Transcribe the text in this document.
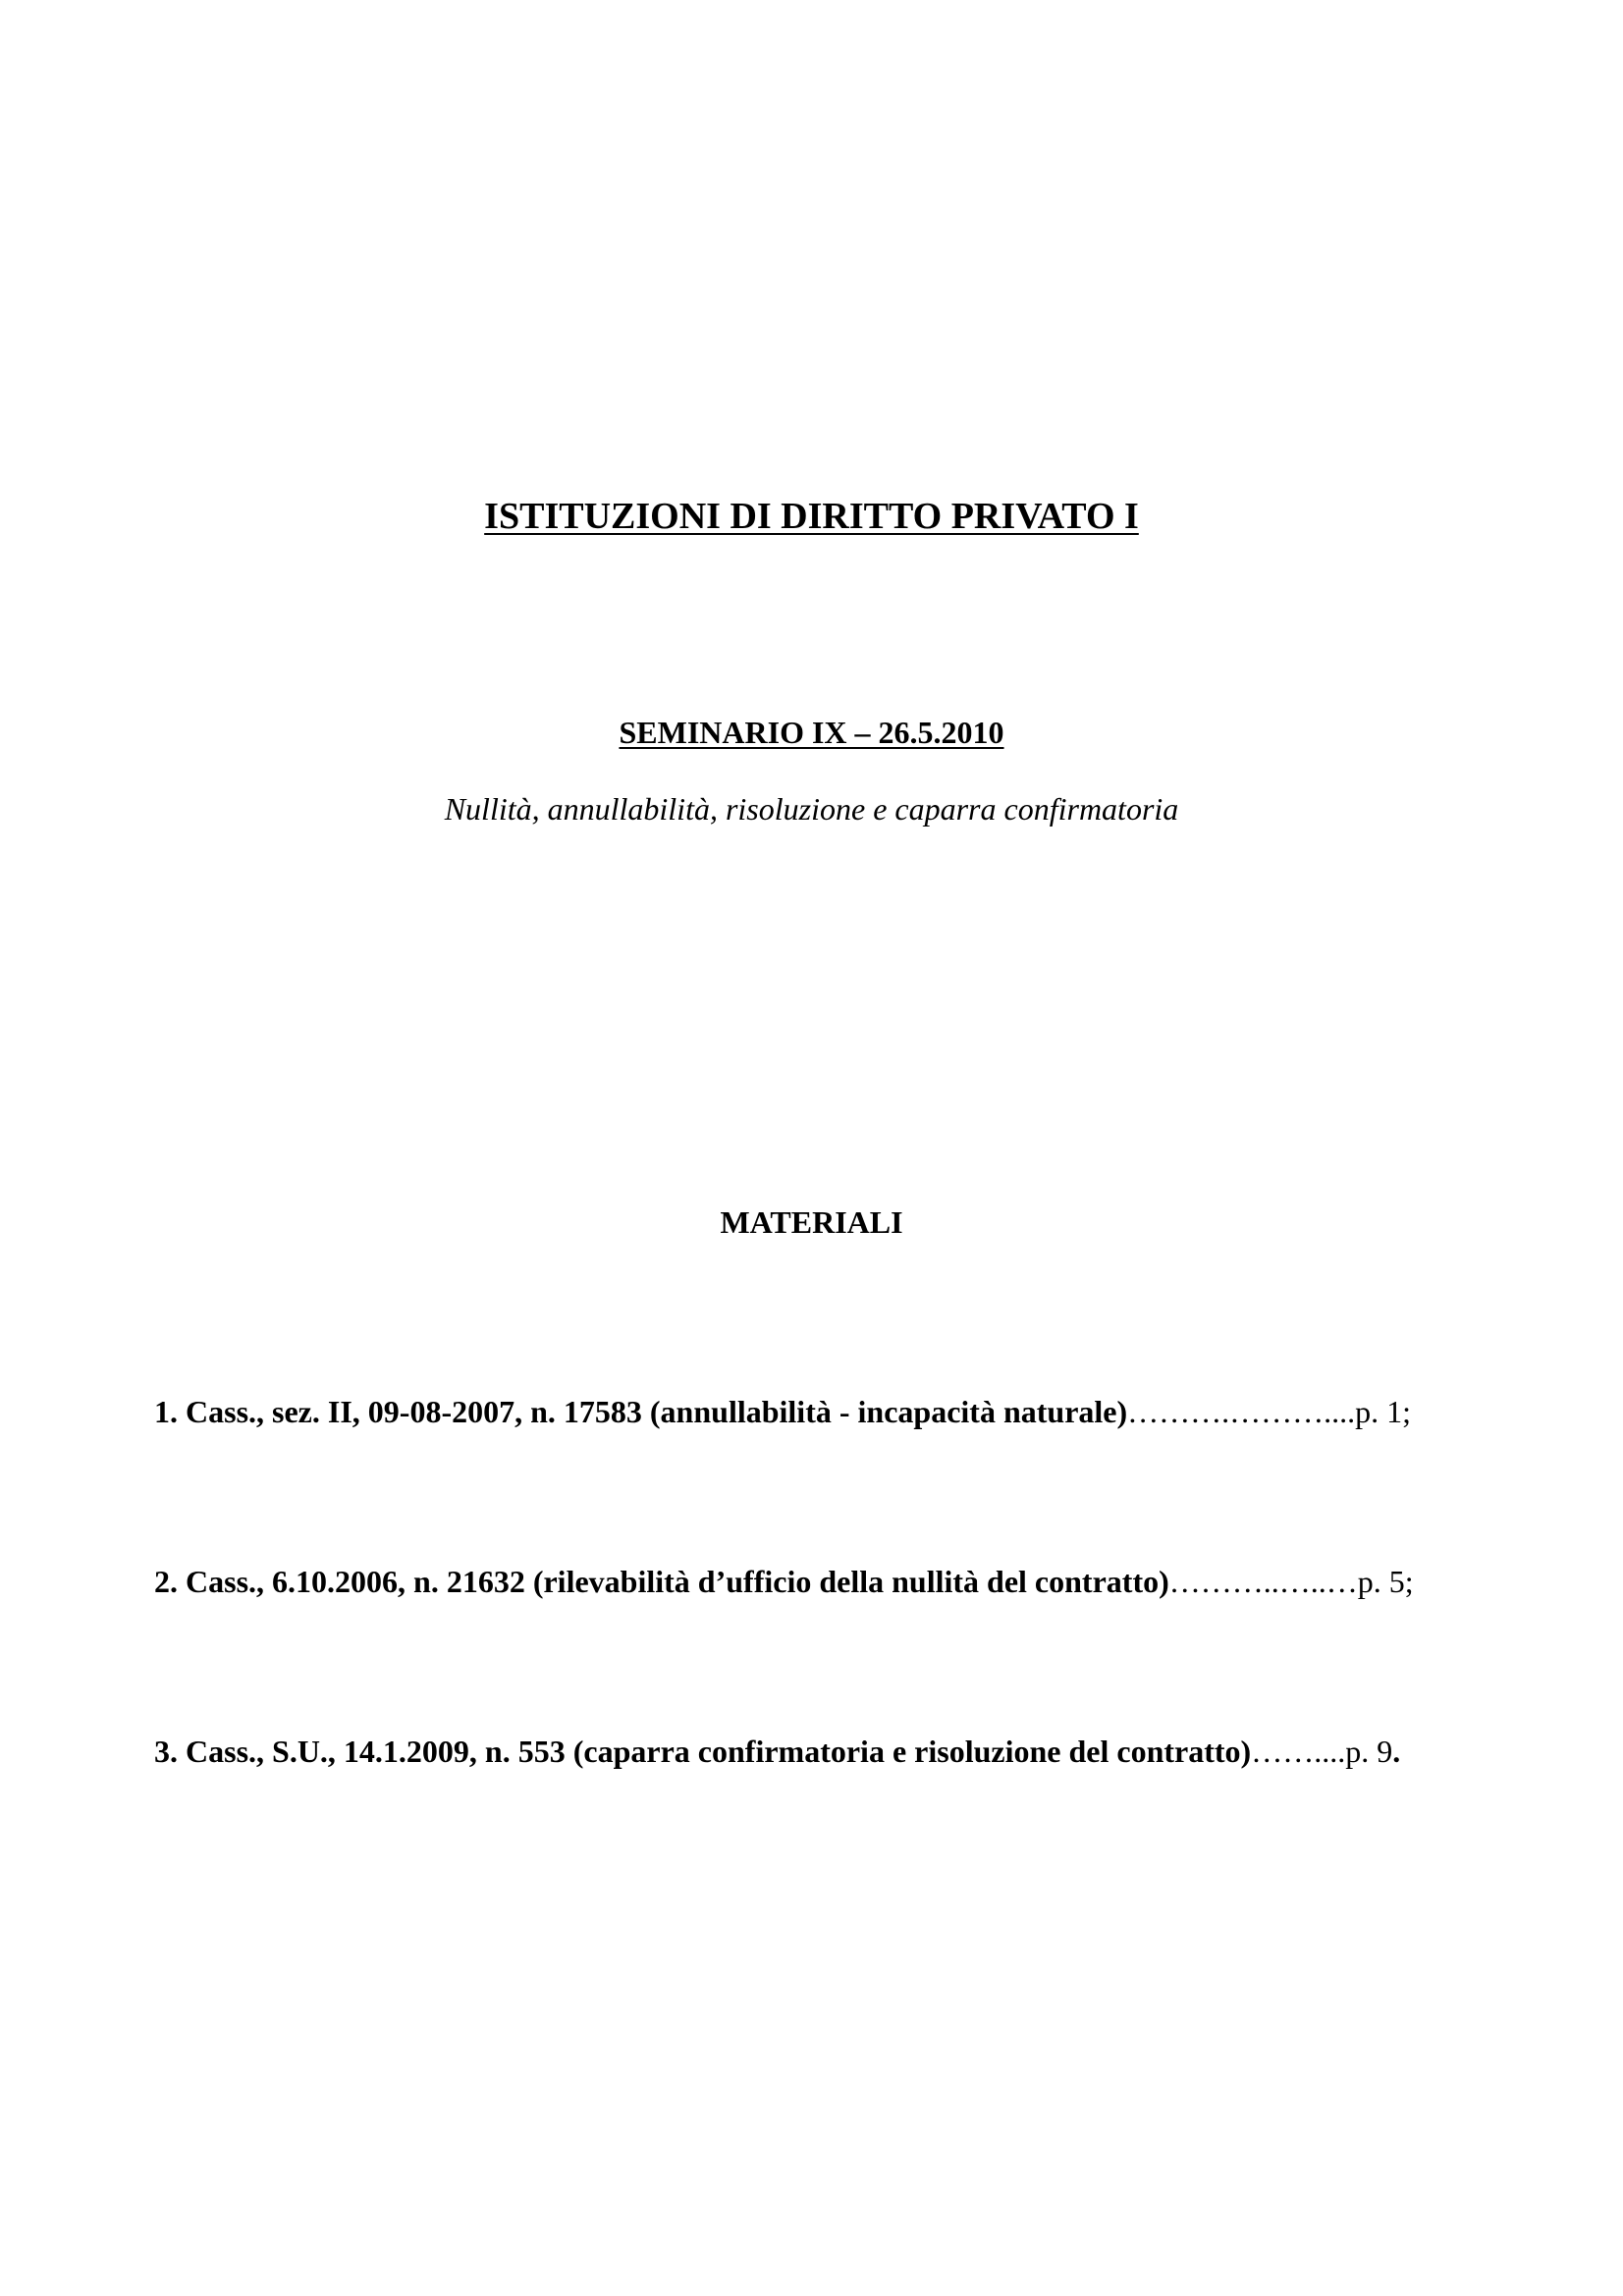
ISTITUZIONI DI DIRITTO PRIVATO I
SEMINARIO IX – 26.5.2010
Nullità, annullabilità, risoluzione e caparra confirmatoria
MATERIALI
1. Cass., sez. II, 09-08-2007, n. 17583 (annullabilità - incapacità naturale)……….………....p. 1;
2. Cass., 6.10.2006, n. 21632 (rilevabilità d’ufficio della nullità del contratto)………..…..…p. 5;
3. Cass., S.U., 14.1.2009, n. 553 (caparra confirmatoria e risoluzione del contratto)……....p. 9.
